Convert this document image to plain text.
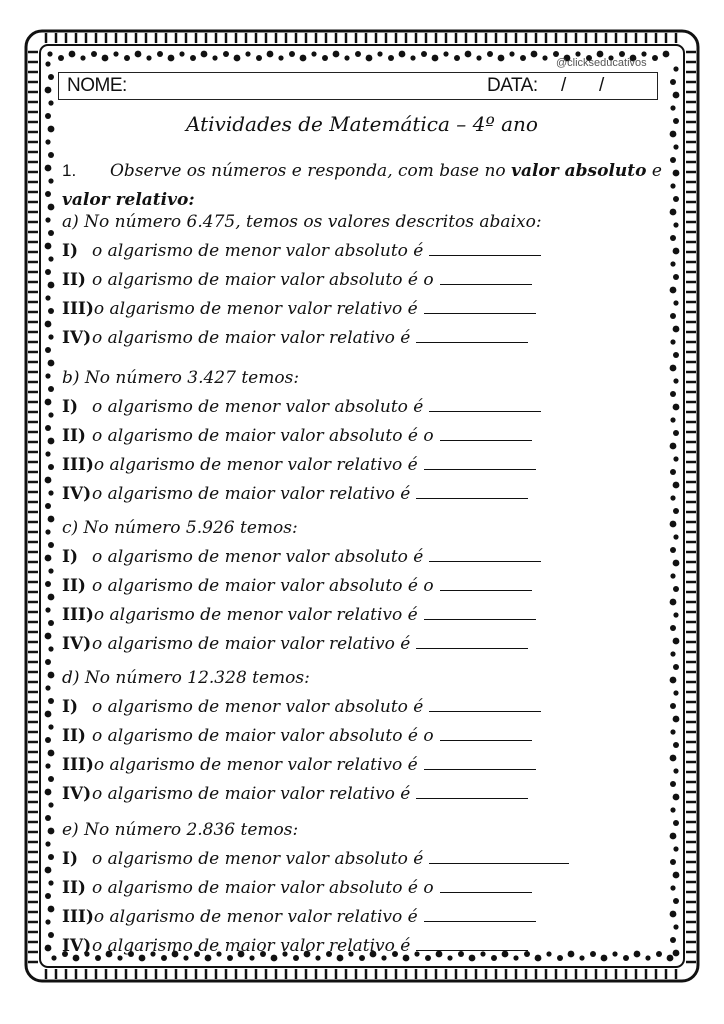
@clickseducativos
NOME:	DATA: / /
Atividades de Matemática – 4º ano
1. Observe os números e responda, com base no valor absoluto e valor relativo:
a) No número 6.475, temos os valores descritos abaixo:
I) o algarismo de menor valor absoluto é
II) o algarismo de maior valor absoluto é o
III)o algarismo de menor valor relativo é
IV)o algarismo de maior valor relativo é
b) No número 3.427 temos:
I) o algarismo de menor valor absoluto é
II) o algarismo de maior valor absoluto é o
III)o algarismo de menor valor relativo é
IV)o algarismo de maior valor relativo é
c) No número 5.926 temos:
I) o algarismo de menor valor absoluto é
II) o algarismo de maior valor absoluto é o
III)o algarismo de menor valor relativo é
IV)o algarismo de maior valor relativo é
d) No número 12.328 temos:
I) o algarismo de menor valor absoluto é
II) o algarismo de maior valor absoluto é o
III)o algarismo de menor valor relativo é
IV)o algarismo de maior valor relativo é
e) No número 2.836 temos:
I) o algarismo de menor valor absoluto é
II) o algarismo de maior valor absoluto é o
III)o algarismo de menor valor relativo é
IV)o algarismo de maior valor relativo é
